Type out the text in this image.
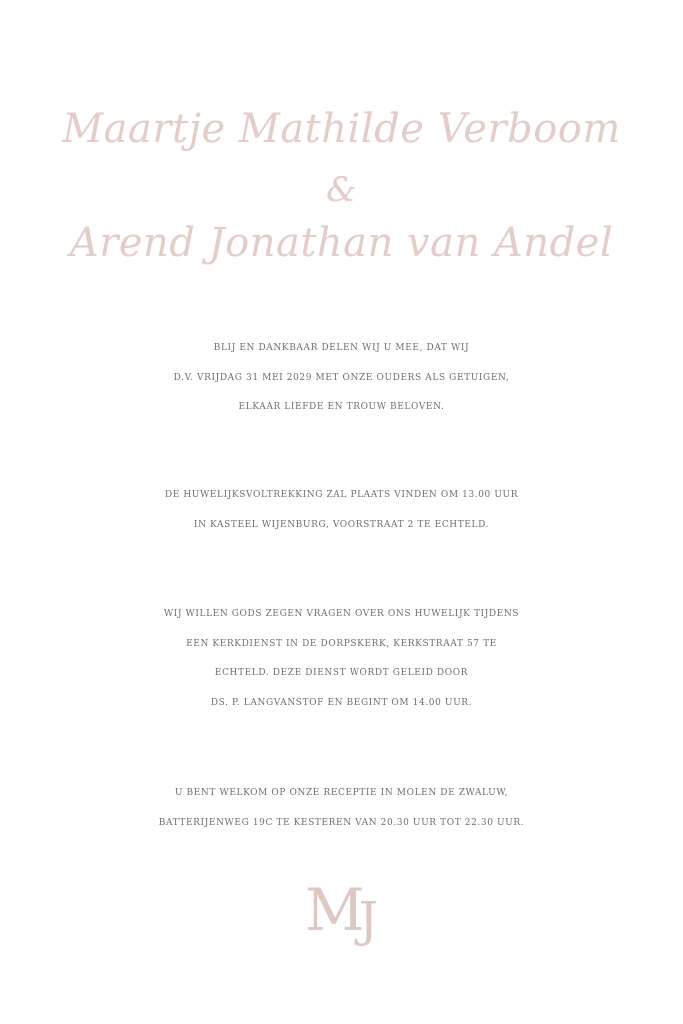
Maartje Mathilde Verboom
&
Arend Jonathan van Andel
BLIJ EN DANKBAAR DELEN WIJ U MEE, DAT WIJ
D.V. VRIJDAG 31 MEI 2029 MET ONZE OUDERS ALS GETUIGEN,
ELKAAR LIEFDE EN TROUW BELOVEN.
DE HUWELIJKSVOLTREKKING ZAL PLAATS VINDEN OM 13.00 UUR
IN KASTEEL WIJENBURG, VOORSTRAAT 2 TE ECHTELD.
WIJ WILLEN GODS ZEGEN VRAGEN OVER ONS HUWELIJK TIJDENS
EEN KERKDIENST IN DE DORPSKERK, KERKSTRAAT 57 TE
ECHTELD. DEZE DIENST WORDT GELEID DOOR
DS. P. LANGVANSTOF EN BEGINT OM 14.00 UUR.
U BENT WELKOM OP ONZE RECEPTIE IN MOLEN DE ZWALUW,
BATTERIJENWEG 19C TE KESTEREN VAN 20.30 UUR TOT 22.30 UUR.
MJ
